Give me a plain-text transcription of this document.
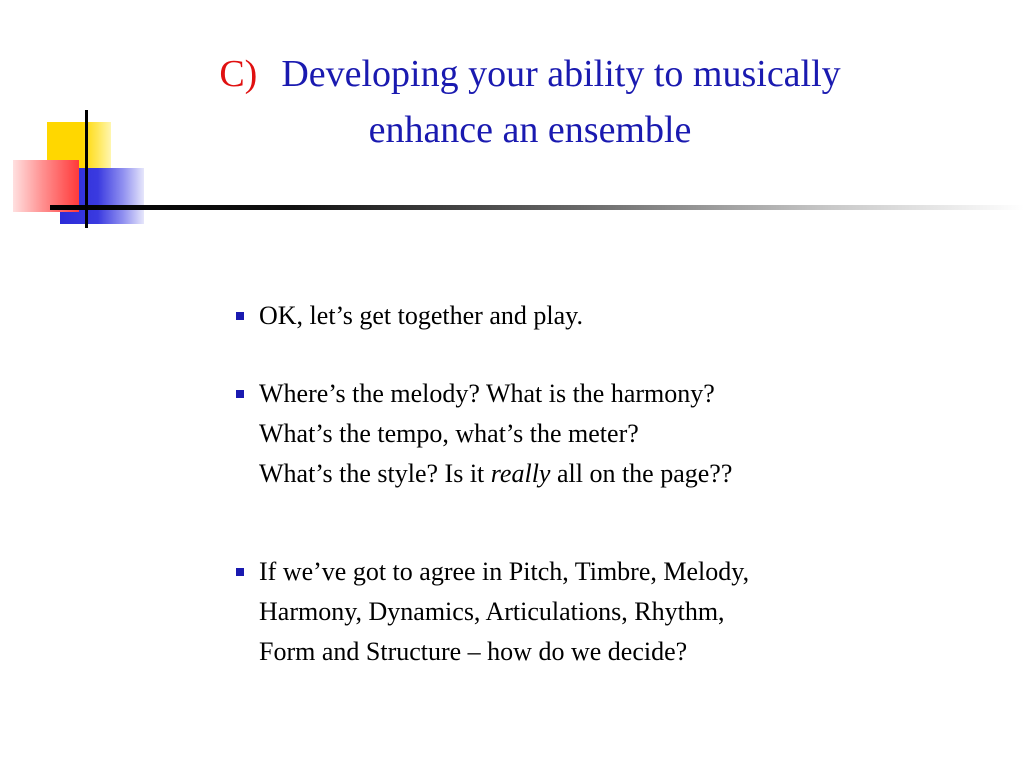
C) Developing your ability to musically
enhance an ensemble
OK, let’s get together and play.
Where’s the melody? What is the harmony?
What’s the tempo, what’s the meter?
What’s the style? Is it really all on the page??
If we’ve got to agree in Pitch, Timbre, Melody,
Harmony, Dynamics, Articulations, Rhythm,
Form and Structure – how do we decide?
